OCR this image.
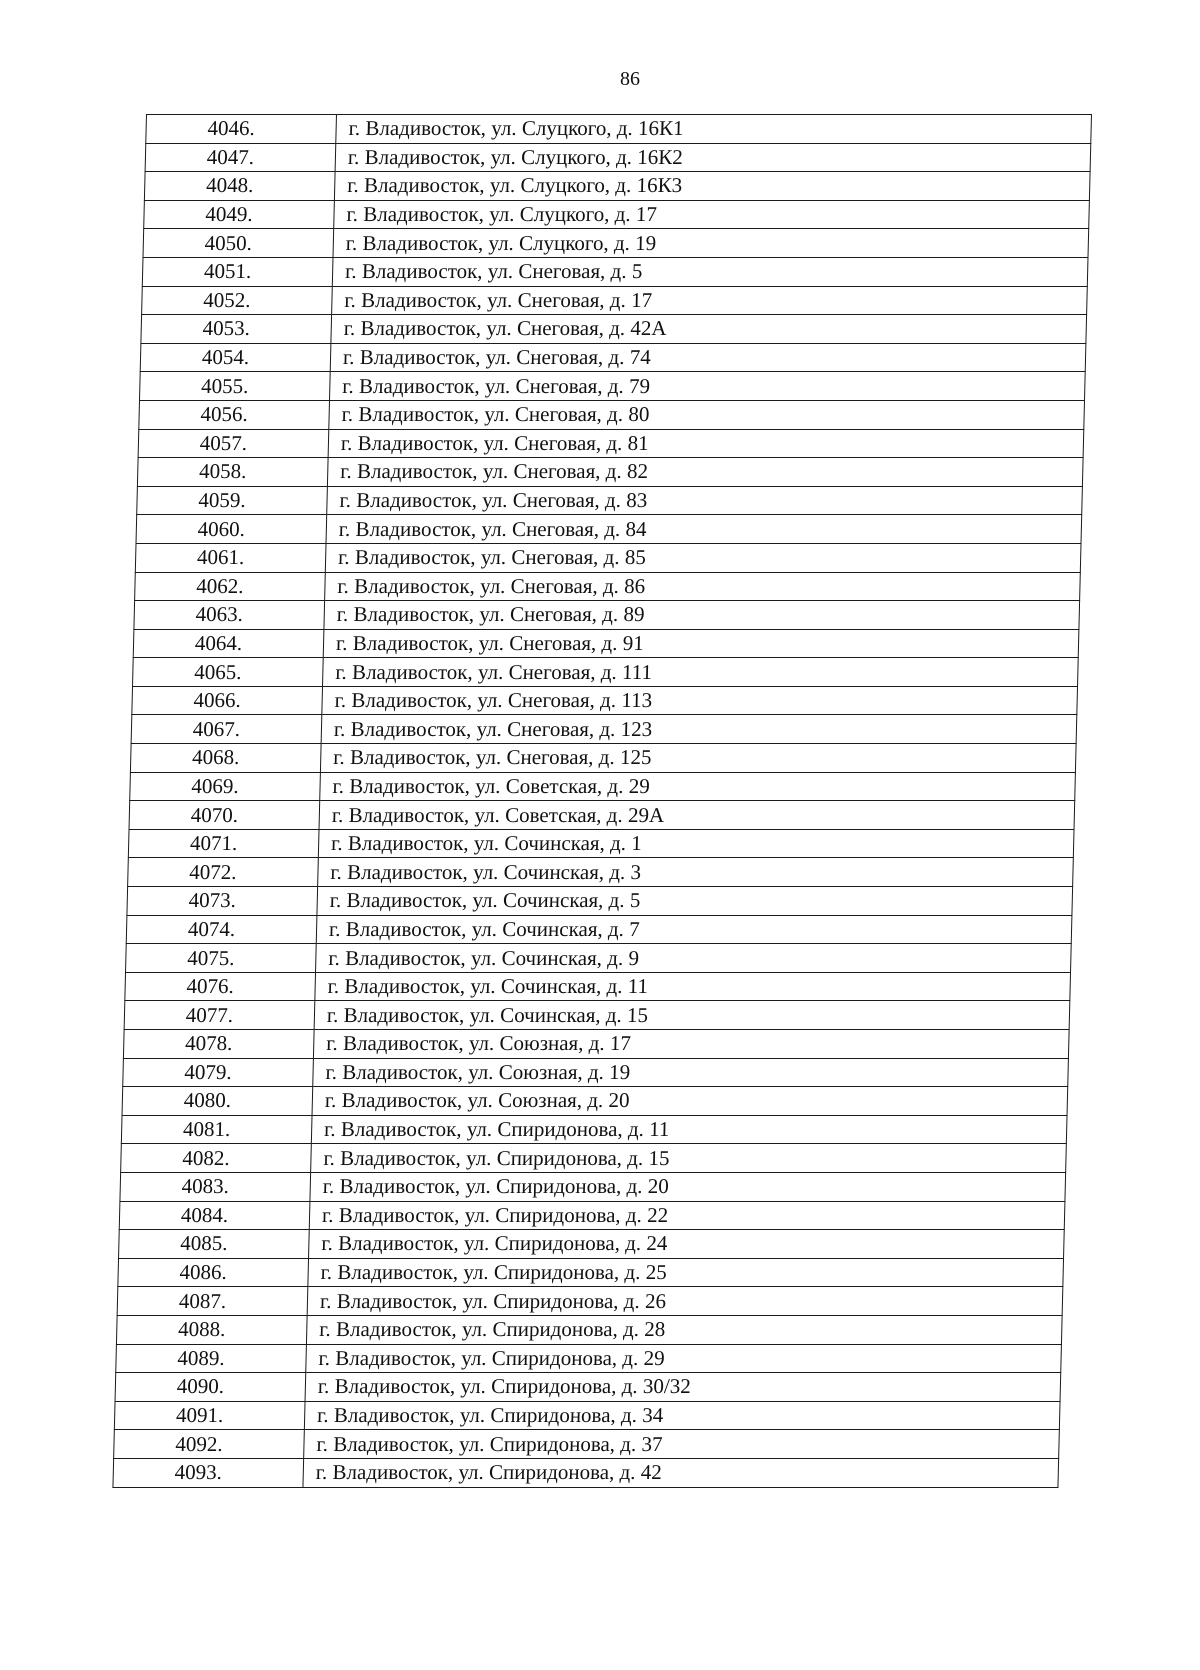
86
4046.	г. Владивосток, ул. Слуцкого, д. 16К1
4047.	г. Владивосток, ул. Слуцкого, д. 16К2
4048.	г. Владивосток, ул. Слуцкого, д. 16К3
4049.	г. Владивосток, ул. Слуцкого, д. 17
4050.	г. Владивосток, ул. Слуцкого, д. 19
4051.	г. Владивосток, ул. Снеговая, д. 5
4052.	г. Владивосток, ул. Снеговая, д. 17
4053.	г. Владивосток, ул. Снеговая, д. 42А
4054.	г. Владивосток, ул. Снеговая, д. 74
4055.	г. Владивосток, ул. Снеговая, д. 79
4056.	г. Владивосток, ул. Снеговая, д. 80
4057.	г. Владивосток, ул. Снеговая, д. 81
4058.	г. Владивосток, ул. Снеговая, д. 82
4059.	г. Владивосток, ул. Снеговая, д. 83
4060.	г. Владивосток, ул. Снеговая, д. 84
4061.	г. Владивосток, ул. Снеговая, д. 85
4062.	г. Владивосток, ул. Снеговая, д. 86
4063.	г. Владивосток, ул. Снеговая, д. 89
4064.	г. Владивосток, ул. Снеговая, д. 91
4065.	г. Владивосток, ул. Снеговая, д. 111
4066.	г. Владивосток, ул. Снеговая, д. 113
4067.	г. Владивосток, ул. Снеговая, д. 123
4068.	г. Владивосток, ул. Снеговая, д. 125
4069.	г. Владивосток, ул. Советская, д. 29
4070.	г. Владивосток, ул. Советская, д. 29А
4071.	г. Владивосток, ул. Сочинская, д. 1
4072.	г. Владивосток, ул. Сочинская, д. 3
4073.	г. Владивосток, ул. Сочинская, д. 5
4074.	г. Владивосток, ул. Сочинская, д. 7
4075.	г. Владивосток, ул. Сочинская, д. 9
4076.	г. Владивосток, ул. Сочинская, д. 11
4077.	г. Владивосток, ул. Сочинская, д. 15
4078.	г. Владивосток, ул. Союзная, д. 17
4079.	г. Владивосток, ул. Союзная, д. 19
4080.	г. Владивосток, ул. Союзная, д. 20
4081.	г. Владивосток, ул. Спиридонова, д. 11
4082.	г. Владивосток, ул. Спиридонова, д. 15
4083.	г. Владивосток, ул. Спиридонова, д. 20
4084.	г. Владивосток, ул. Спиридонова, д. 22
4085.	г. Владивосток, ул. Спиридонова, д. 24
4086.	г. Владивосток, ул. Спиридонова, д. 25
4087.	г. Владивосток, ул. Спиридонова, д. 26
4088.	г. Владивосток, ул. Спиридонова, д. 28
4089.	г. Владивосток, ул. Спиридонова, д. 29
4090.	г. Владивосток, ул. Спиридонова, д. 30/32
4091.	г. Владивосток, ул. Спиридонова, д. 34
4092.	г. Владивосток, ул. Спиридонова, д. 37
4093.	г. Владивосток, ул. Спиридонова, д. 42
